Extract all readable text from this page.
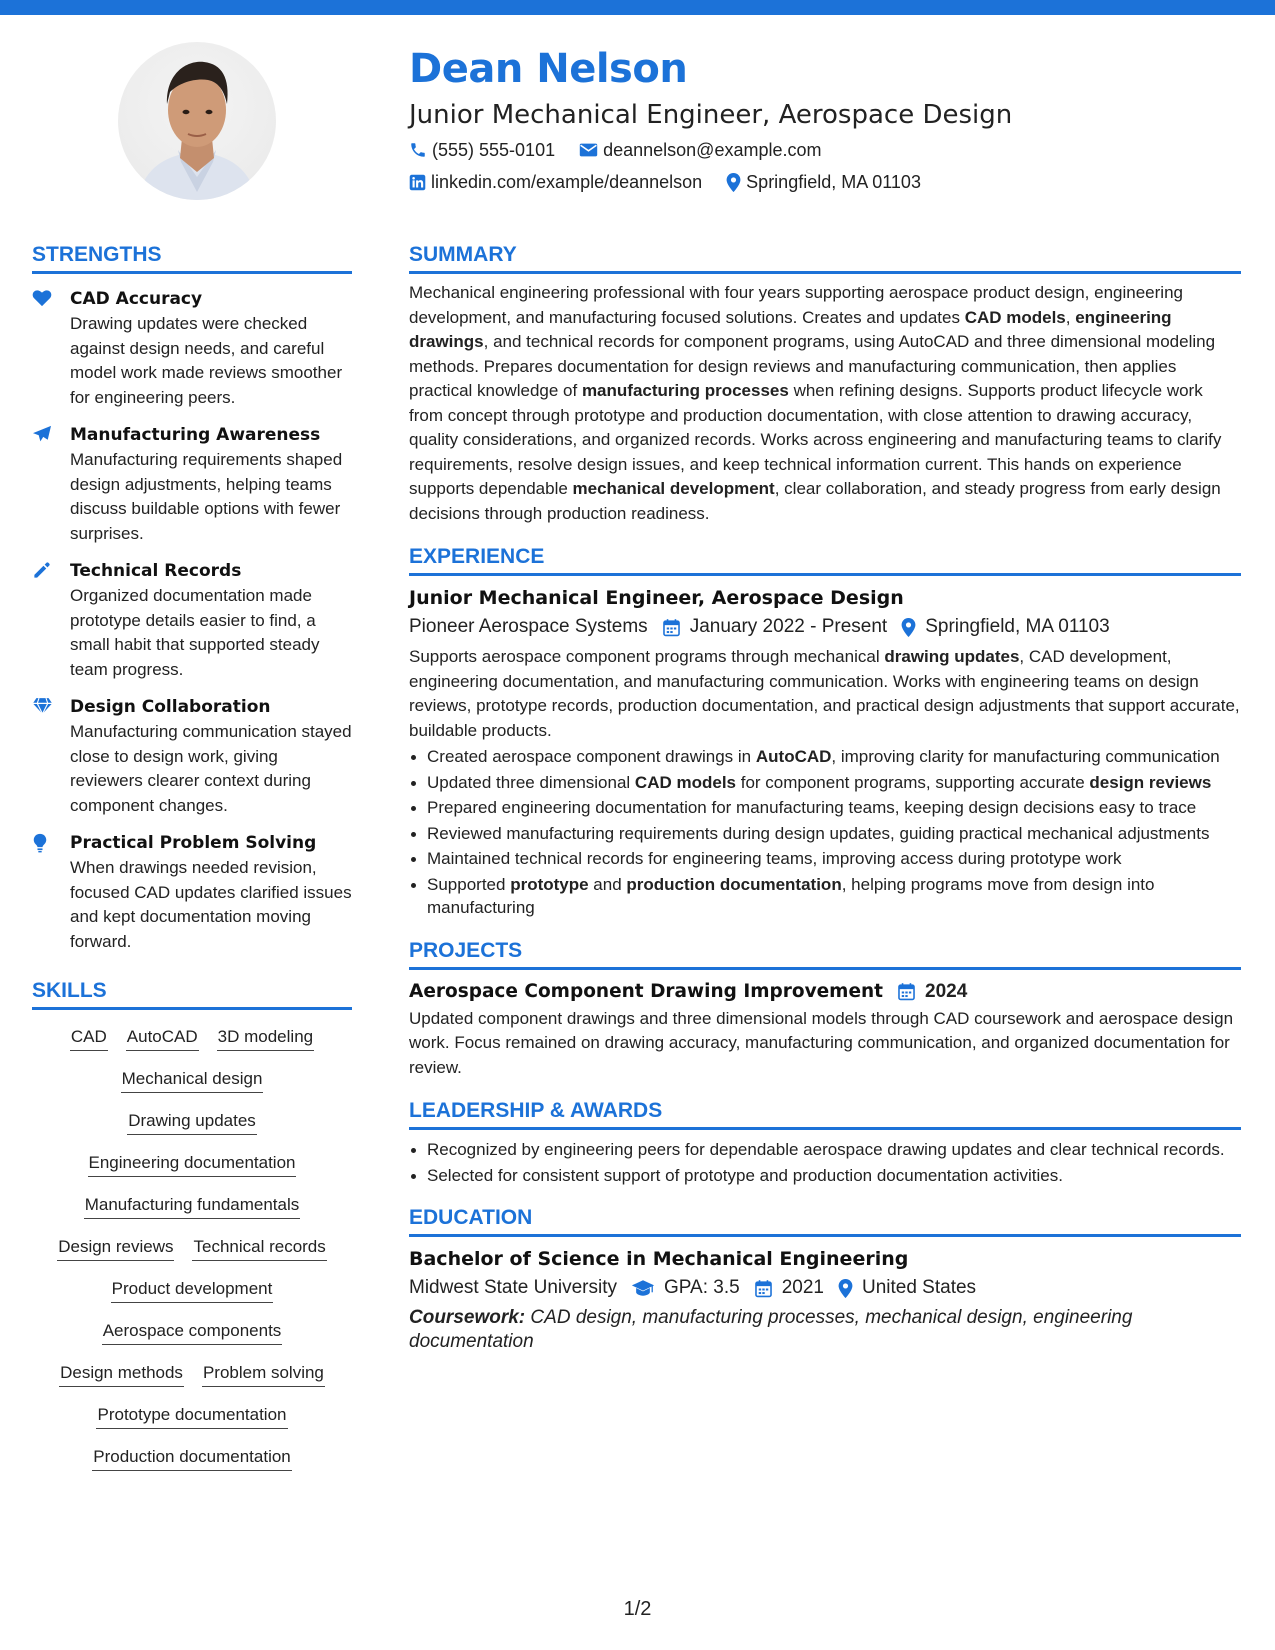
Dean Nelson
Junior Mechanical Engineer, Aerospace Design
(555) 555-0101	deannelson@example.com
linkedin.com/example/deannelson Springfield, MA 01103
STRENGTHS
CAD Accuracy
Drawing updates were checked against design needs, and careful model work made reviews smoother for engineering peers.
Manufacturing Awareness
Manufacturing requirements shaped design adjustments, helping teams discuss buildable options with fewer surprises.
Technical Records
Organized documentation made prototype details easier to find, a small habit that supported steady team progress.
Design Collaboration
Manufacturing communication stayed close to design work, giving reviewers clearer context during component changes.
Practical Problem Solving
When drawings needed revision, focused CAD updates clarified issues and kept documentation moving forward.
SKILLS
CAD AutoCAD 3D modeling
Mechanical design
Drawing updates
Engineering documentation
Manufacturing fundamentals
Design reviews Technical records
Product development
Aerospace components
Design methods Problem solving
Prototype documentation
Production documentation
SUMMARY
Mechanical engineering professional with four years supporting aerospace product design, engineering development, and manufacturing focused solutions. Creates and updates CAD models, engineering drawings, and technical records for component programs, using AutoCAD and three dimensional modeling methods. Prepares documentation for design reviews and manufacturing communication, then applies practical knowledge of manufacturing processes when refining designs. Supports product lifecycle work from concept through prototype and production documentation, with close attention to drawing accuracy, quality considerations, and organized records. Works across engineering and manufacturing teams to clarify requirements, resolve design issues, and keep technical information current. This hands on experience supports dependable mechanical development, clear collaboration, and steady progress from early design decisions through production readiness.
EXPERIENCE
Junior Mechanical Engineer, Aerospace Design
Pioneer Aerospace Systems January 2022 - Present Springfield, MA 01103
Supports aerospace component programs through mechanical drawing updates, CAD development, engineering documentation, and manufacturing communication. Works with engineering teams on design reviews, prototype records, production documentation, and practical design adjustments that support accurate, buildable products.
Created aerospace component drawings in AutoCAD, improving clarity for manufacturing communication
Updated three dimensional CAD models for component programs, supporting accurate design reviews
Prepared engineering documentation for manufacturing teams, keeping design decisions easy to trace
Reviewed manufacturing requirements during design updates, guiding practical mechanical adjustments
Maintained technical records for engineering teams, improving access during prototype work
Supported prototype and production documentation, helping programs move from design into manufacturing
PROJECTS
Aerospace Component Drawing Improvement 2024
Updated component drawings and three dimensional models through CAD coursework and aerospace design work. Focus remained on drawing accuracy, manufacturing communication, and organized documentation for review.
LEADERSHIP & AWARDS
Recognized by engineering peers for dependable aerospace drawing updates and clear technical records.
Selected for consistent support of prototype and production documentation activities.
EDUCATION
Bachelor of Science in Mechanical Engineering
Midwest State University GPA: 3.5 2021 United States
Coursework: CAD design, manufacturing processes, mechanical design, engineering documentation
1/2
